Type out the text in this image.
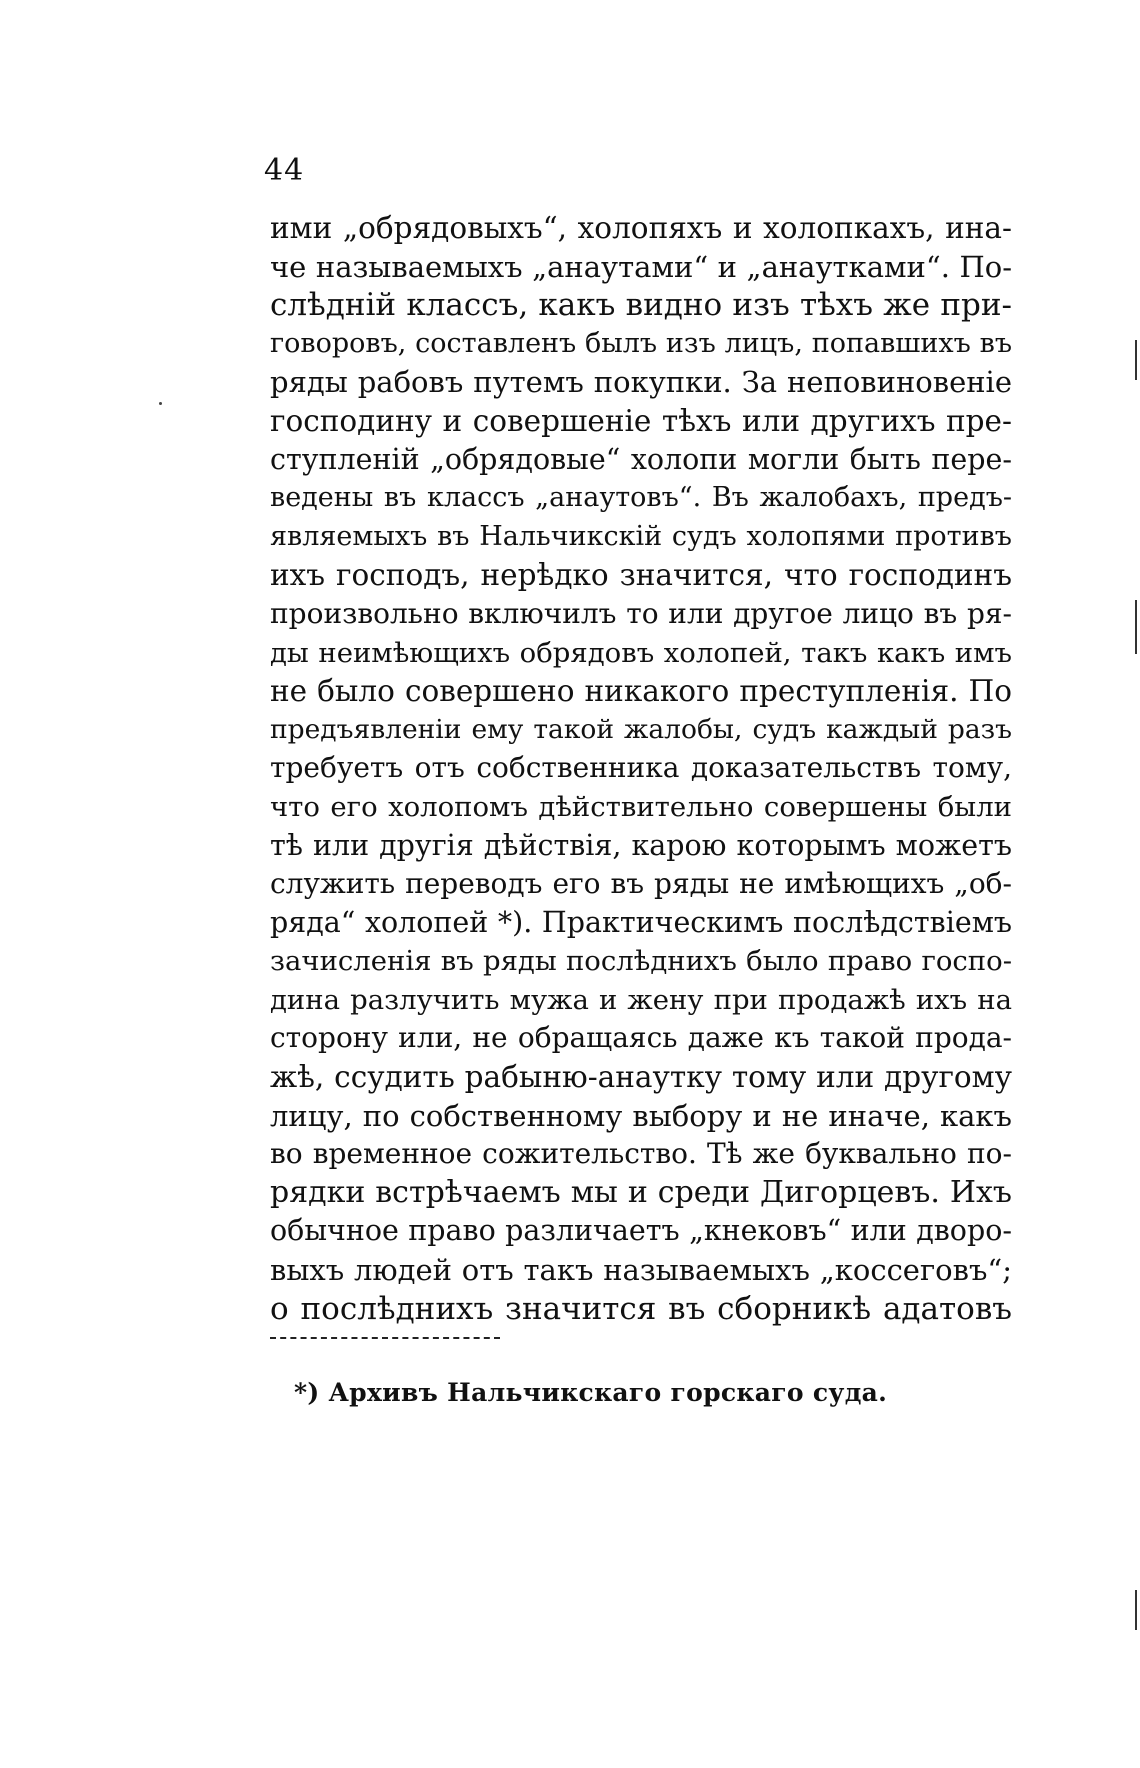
44
ими „обрядовыхъ“, холопяхъ и холопкахъ, ина-
че называемыхъ „анаутами“ и „анаутками“. По-
слѣднiй классъ, какъ видно изъ тѣхъ же при-
говоровъ, составленъ былъ изъ лицъ, попавшихъ въ
ряды рабовъ путемъ покупки. За неповиновенiе
господину и совершенiе тѣхъ или другихъ пре-
ступленiй „обрядовые“ холопи могли быть пере-
ведены въ классъ „анаутовъ“. Въ жалобахъ, предъ-
являемыхъ въ Нальчикскiй судъ холопями противъ
ихъ господъ, нерѣдко значится, что господинъ
произвольно включилъ то или другое лицо въ ря-
ды неимѣющихъ обрядовъ холопей, такъ какъ имъ
не было совершено никакого преступленiя. По
предъявленiи ему такой жалобы, судъ каждый разъ
требуетъ отъ собственника доказательствъ тому,
что его холопомъ дѣйствительно совершены были
тѣ или другiя дѣйствiя, карою которымъ можетъ
служить переводъ его въ ряды не имѣющихъ „об-
ряда“ холопей *). Практическимъ послѣдствiемъ
зачисленiя въ ряды послѣднихъ было право госпо-
дина разлучить мужа и жену при продажѣ ихъ на
сторону или, не обращаясь даже къ такой прода-
жѣ, ссудить рабыню-анаутку тому или другому
лицу, по собственному выбору и не иначе, какъ
во временное сожительство. Тѣ же буквально по-
рядки встрѣчаемъ мы и среди Дигорцевъ. Ихъ
обычное право различаетъ „кнековъ“ или дворо-
выхъ людей отъ такъ называемыхъ „коссеговъ“;
о послѣднихъ значится въ сборникѣ адатовъ
*) Архивъ Нальчикскаго горскаго суда.
